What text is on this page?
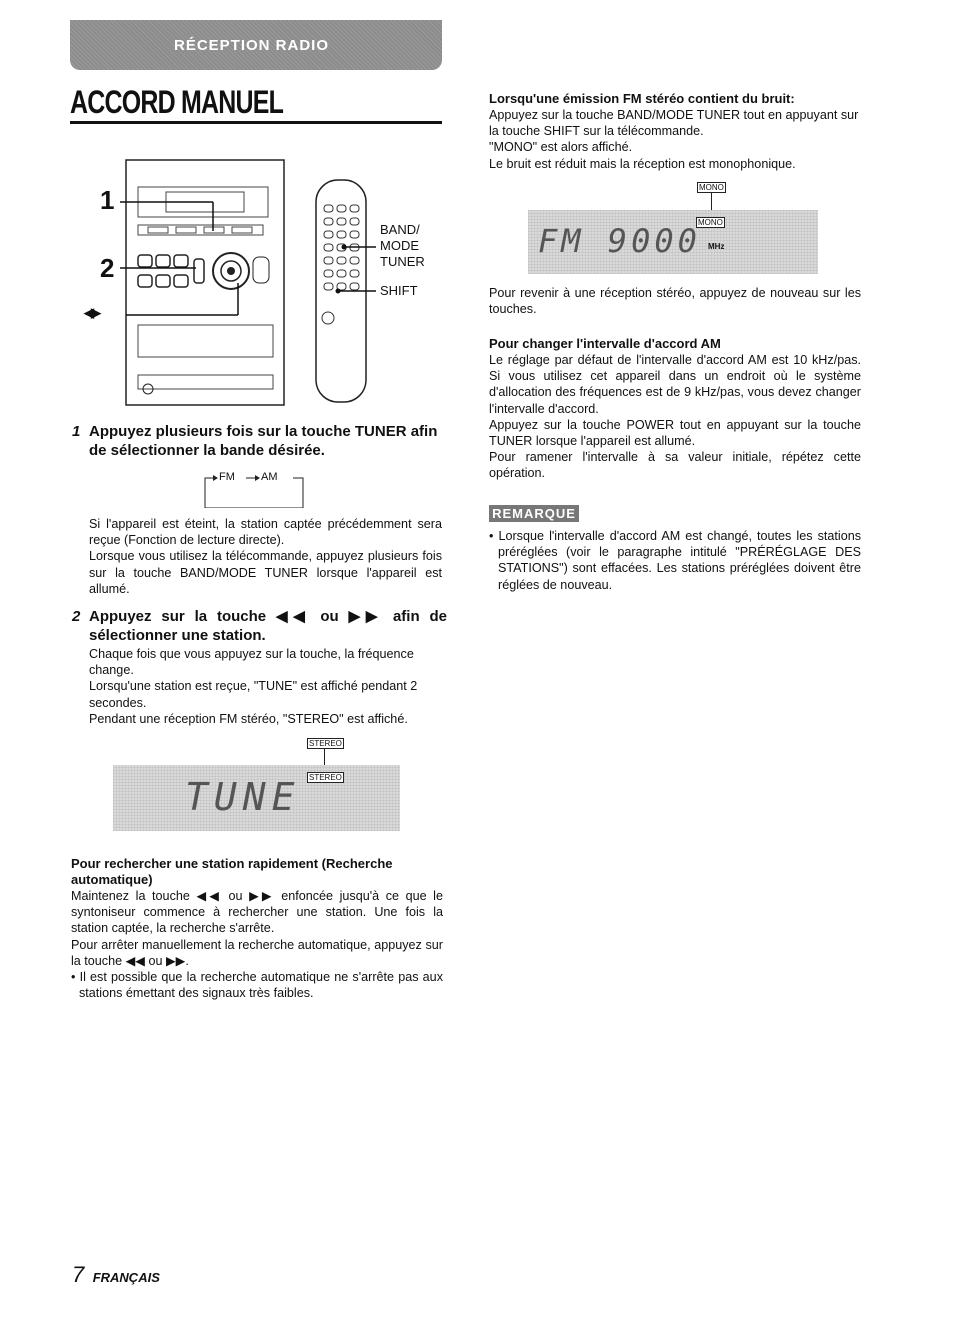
RÉCEPTION RADIO
ACCORD MANUEL
1
2
◀▶
BAND/
MODE
TUNER
SHIFT
1 Appuyez plusieurs fois sur la touche TUNER afin
de sélectionner la bande désirée.
FM AM

Si l'appareil est éteint, la station captée précédemment sera reçue (Fonction de lecture directe).

Lorsque vous utilisez la télécommande, appuyez plusieurs fois sur la touche BAND/MODE TUNER lorsque l'appareil est allumé.

2 Appuyez sur la touche ◀◀ ou ▶▶ afin de
sélectionner une station.

Chaque fois que vous appuyez sur la touche, la fréquence change.

Lorsqu'une station est reçue, "TUNE" est affiché pendant 2 secondes.

Pendant une réception FM stéréo, "STEREO" est affiché.

STEREO
STEREO
TUNE
Pour rechercher une station rapidement (Recherche
automatique)

Maintenez la touche ◀◀ ou ▶▶ enfoncée jusqu'à ce que le syntoniseur commence à rechercher une station. Une fois la station captée, la recherche s'arrête.

Pour arrêter manuellement la recherche automatique, appuyez sur la touche ◀◀ ou ▶▶.

• Il est possible que la recherche automatique ne s'arrête pas aux stations émettant des signaux très faibles.

Lorsqu'une émission FM stéréo contient du bruit:

Appuyez sur la touche BAND/MODE TUNER tout en appuyant sur la touche SHIFT sur la télécommande.

"MONO" est alors affiché.

Le bruit est réduit mais la réception est monophonique.

MONO
MONO
FM 9000 MHz

Pour revenir à une réception stéréo, appuyez de nouveau sur les touches.

Pour changer l'intervalle d'accord AM

Le réglage par défaut de l'intervalle d'accord AM est 10 kHz/pas. Si vous utilisez cet appareil dans un endroit où le système d'allocation des fréquences est de 9 kHz/pas, vous devez changer l'intervalle d'accord.

Appuyez sur la touche POWER tout en appuyant sur la touche TUNER lorsque l'appareil est allumé.

Pour ramener l'intervalle à sa valeur initiale, répétez cette opération.

REMARQUE

• Lorsque l'intervalle d'accord AM est changé, toutes les stations préréglées (voir le paragraphe intitulé "PRÉRÉGLAGE DES STATIONS") sont effacées. Les stations préréglées doivent être réglées de nouveau.

7 FRANÇAIS
